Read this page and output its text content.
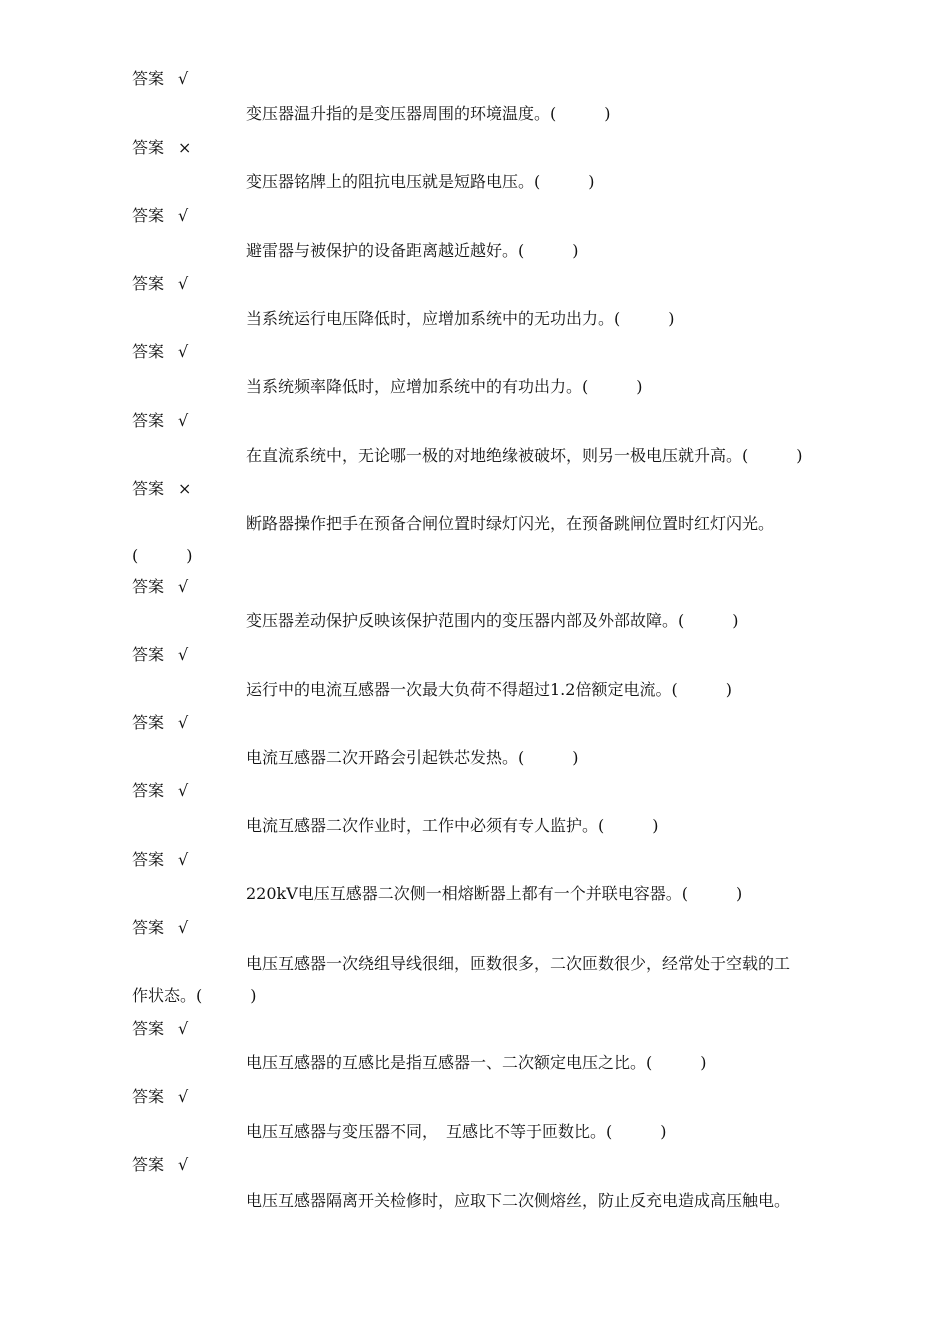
答案 √
变压器温升指的是变压器周围的环境温度。(　　　)
答案 ×
变压器铭牌上的阻抗电压就是短路电压。(　　　)
答案 √
避雷器与被保护的设备距离越近越好。(　　　)
答案 √
当系统运行电压降低时，应增加系统中的无功出力。(　　　)
答案 √
当系统频率降低时，应增加系统中的有功出力。(　　　)
答案 √
在直流系统中，无论哪一极的对地绝缘被破坏，则另一极电压就升高。(　　　)
答案 ×
断路器操作把手在预备合闸位置时绿灯闪光，在预备跳闸位置时红灯闪光。
(　　　)
答案 √
变压器差动保护反映该保护范围内的变压器内部及外部故障。(　　　)
答案 √
运行中的电流互感器一次最大负荷不得超过1.2倍额定电流。(　　　)
答案 √
电流互感器二次开路会引起铁芯发热。(　　　)
答案 √
电流互感器二次作业时，工作中必须有专人监护。(　　　)
答案 √
220kV电压互感器二次侧一相熔断器上都有一个并联电容器。(　　　)
答案 √
电压互感器一次绕组导线很细，匝数很多，二次匝数很少，经常处于空载的工
作状态。(　　　)
答案 √
电压互感器的互感比是指互感器一、二次额定电压之比。(　　　)
答案 √
电压互感器与变压器不同，　互感比不等于匝数比。(　　　)
答案 √
电压互感器隔离开关检修时，应取下二次侧熔丝，防止反充电造成高压触电。
